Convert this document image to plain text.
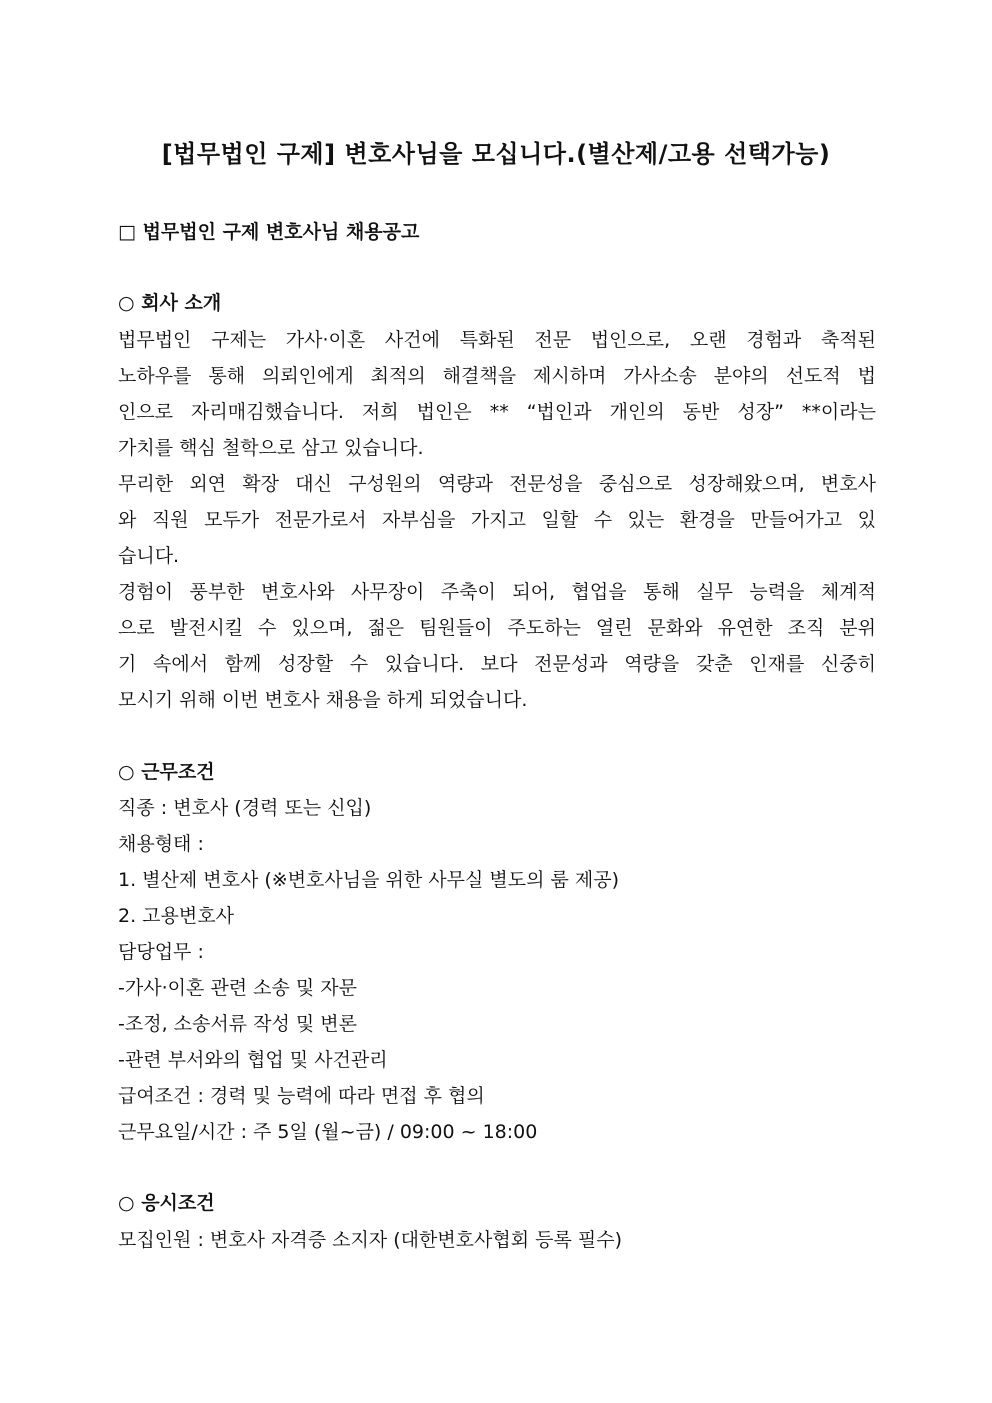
[법무법인 구제] 변호사님을 모십니다.(별산제/고용 선택가능)
□ 법무법인 구제 변호사님 채용공고
○ 회사 소개
법무법인 구제는 가사·이혼 사건에 특화된 전문 법인으로, 오랜 경험과 축적된
노하우를 통해 의뢰인에게 최적의 해결책을 제시하며 가사소송 분야의 선도적 법
인으로 자리매김했습니다. 저희 법인은 ** “법인과 개인의 동반 성장” **이라는
가치를 핵심 철학으로 삼고 있습니다.
무리한 외연 확장 대신 구성원의 역량과 전문성을 중심으로 성장해왔으며, 변호사
와 직원 모두가 전문가로서 자부심을 가지고 일할 수 있는 환경을 만들어가고 있
습니다.
경험이 풍부한 변호사와 사무장이 주축이 되어, 협업을 통해 실무 능력을 체계적
으로 발전시킬 수 있으며, 젊은 팀원들이 주도하는 열린 문화와 유연한 조직 분위
기 속에서 함께 성장할 수 있습니다. 보다 전문성과 역량을 갖춘 인재를 신중히
모시기 위해 이번 변호사 채용을 하게 되었습니다.
○ 근무조건
직종 : 변호사 (경력 또는 신입)
채용형태 :
1. 별산제 변호사 (※변호사님을 위한 사무실 별도의 룸 제공)
2. 고용변호사
담당업무 :
-가사·이혼 관련 소송 및 자문
-조정, 소송서류 작성 및 변론
-관련 부서와의 협업 및 사건관리
급여조건 : 경력 및 능력에 따라 면접 후 협의
근무요일/시간 : 주 5일 (월~금) / 09:00 ~ 18:00
○ 응시조건
모집인원 : 변호사 자격증 소지자 (대한변호사협회 등록 필수)
